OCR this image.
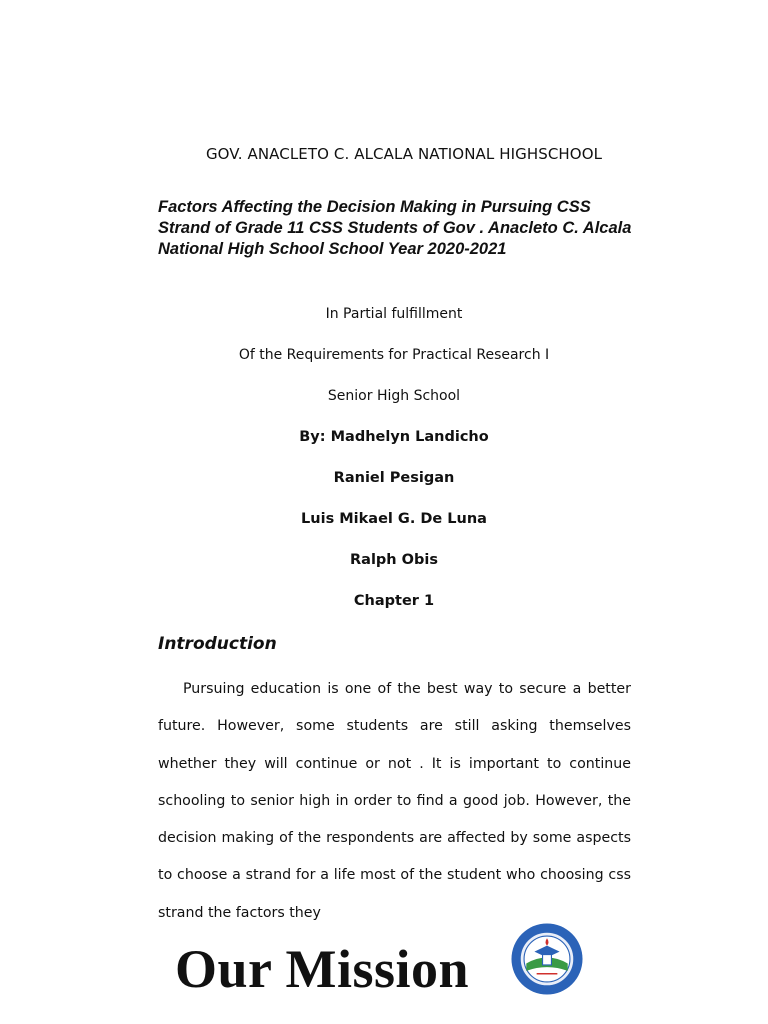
GOV. ANACLETO C. ALCALA NATIONAL HIGHSCHOOL

Factors Affecting the Decision Making in Pursuing CSS Strand of Grade 11 CSS Students of Gov . Anacleto C. Alcala National High School School Year 2020-2021

In Partial fulfillment

Of the Requirements for Practical Research I

Senior High School

By: Madhelyn Landicho

Raniel Pesigan

Luis Mikael G. De Luna

Ralph Obis

Chapter 1

Introduction

Pursuing education is one of the best way to secure a better future. However, some students are still asking themselves whether they will continue or not . It is important to continue schooling to senior high in order to find a good job. However, the decision making of the respondents are affected by some aspects to choose a strand for a life most of the student who choosing css strand the factors they

Our Mission
